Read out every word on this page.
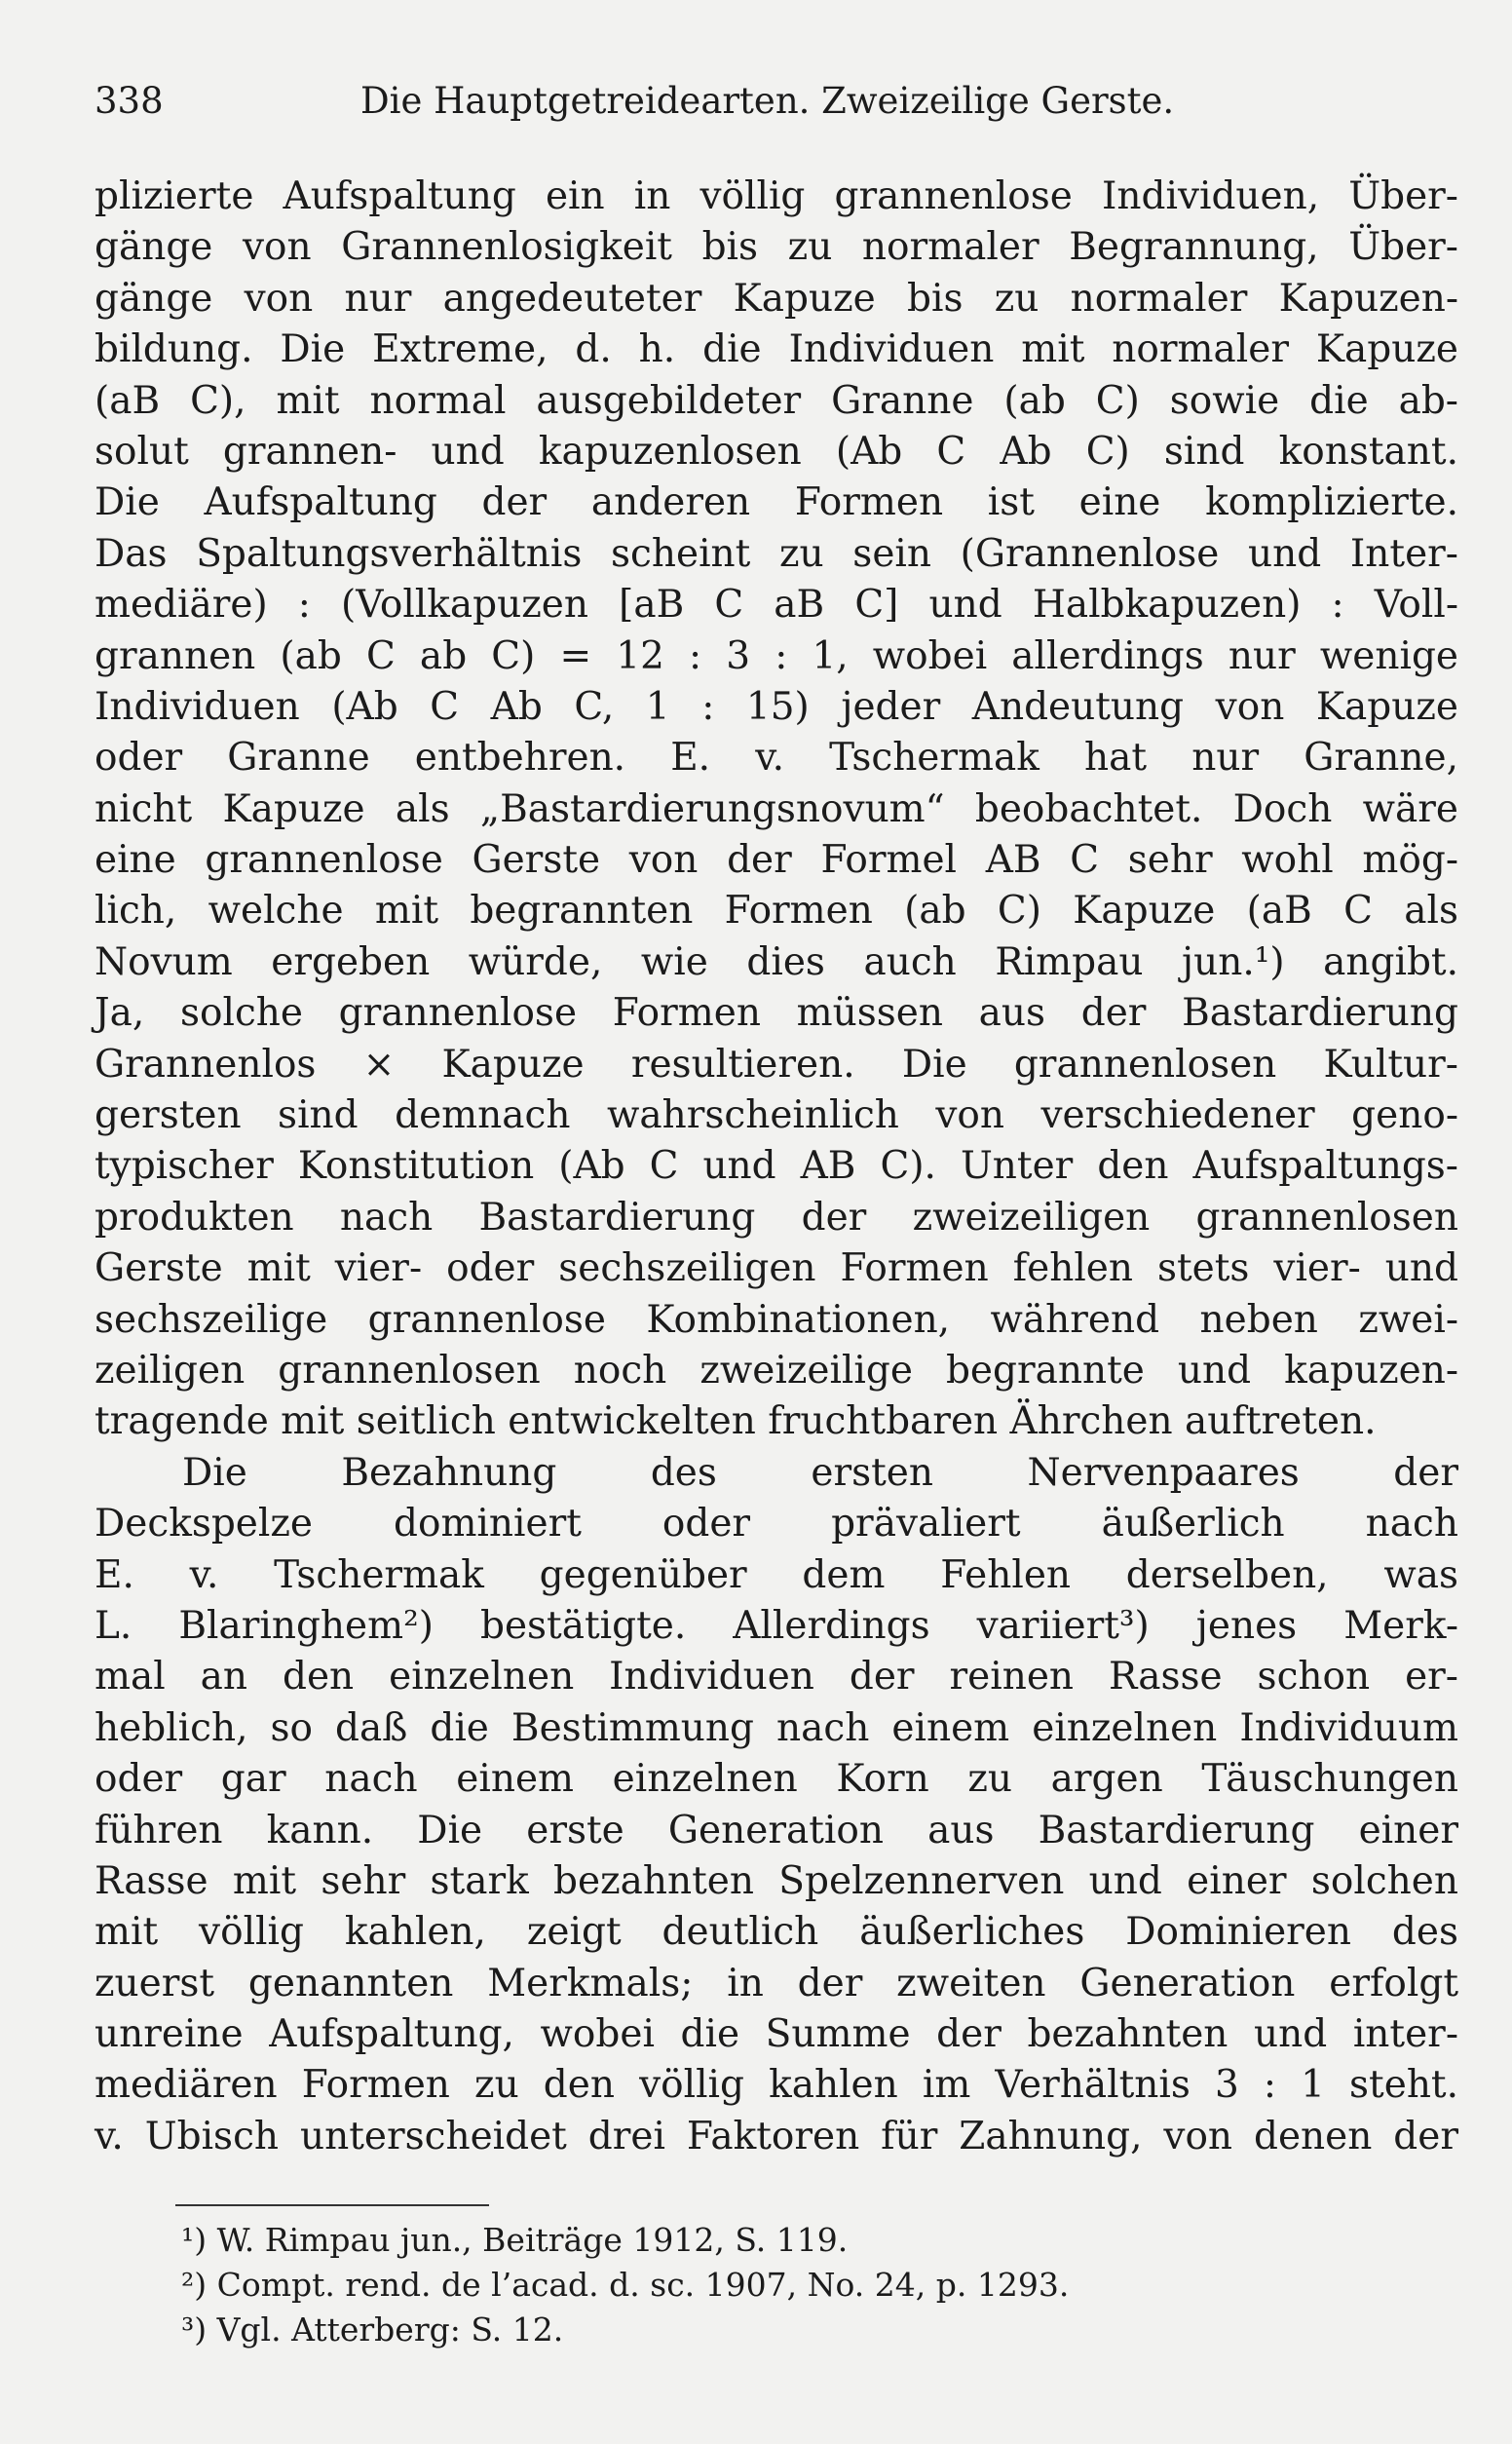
338	Die Hauptgetreidearten. Zweizeilige Gerste.
plizierte Aufspaltung ein in völlig grannenlose Individuen, Über-
gänge von Grannenlosigkeit bis zu normaler Begrannung, Über-
gänge von nur angedeuteter Kapuze bis zu normaler Kapuzen-
bildung. Die Extreme, d. h. die Individuen mit normaler Kapuze
(aB C), mit normal ausgebildeter Granne (ab C) sowie die ab-
solut grannen- und kapuzenlosen (Ab C Ab C) sind konstant.
Die Aufspaltung der anderen Formen ist eine komplizierte.
Das Spaltungsverhältnis scheint zu sein (Grannenlose und Inter-
mediäre) : (Vollkapuzen [aB C aB C] und Halbkapuzen) : Voll-
grannen (ab C ab C) = 12 : 3 : 1, wobei allerdings nur wenige
Individuen (Ab C Ab C, 1 : 15) jeder Andeutung von Kapuze
oder Granne entbehren. E. v. Tschermak hat nur Granne,
nicht Kapuze als „Bastardierungsnovum“ beobachtet. Doch wäre
eine grannenlose Gerste von der Formel AB C sehr wohl mög-
lich, welche mit begrannten Formen (ab C) Kapuze (aB C als
Novum ergeben würde, wie dies auch Rimpau jun.¹) angibt.
Ja, solche grannenlose Formen müssen aus der Bastardierung
Grannenlos × Kapuze resultieren. Die grannenlosen Kultur-
gersten sind demnach wahrscheinlich von verschiedener geno-
typischer Konstitution (Ab C und AB C). Unter den Aufspaltungs-
produkten nach Bastardierung der zweizeiligen grannenlosen
Gerste mit vier- oder sechszeiligen Formen fehlen stets vier- und
sechszeilige grannenlose Kombinationen, während neben zwei-
zeiligen grannenlosen noch zweizeilige begrannte und kapuzen-
tragende mit seitlich entwickelten fruchtbaren Ährchen auftreten.
Die Bezahnung des ersten Nervenpaares der
Deckspelze dominiert oder prävaliert äußerlich nach
E. v. Tschermak gegenüber dem Fehlen derselben, was
L. Blaringhem²) bestätigte. Allerdings variiert³) jenes Merk-
mal an den einzelnen Individuen der reinen Rasse schon er-
heblich, so daß die Bestimmung nach einem einzelnen Individuum
oder gar nach einem einzelnen Korn zu argen Täuschungen
führen kann. Die erste Generation aus Bastardierung einer
Rasse mit sehr stark bezahnten Spelzennerven und einer solchen
mit völlig kahlen, zeigt deutlich äußerliches Dominieren des
zuerst genannten Merkmals; in der zweiten Generation erfolgt
unreine Aufspaltung, wobei die Summe der bezahnten und inter-
mediären Formen zu den völlig kahlen im Verhältnis 3 : 1 steht.
v. Ubisch unterscheidet drei Faktoren für Zahnung, von denen der
¹) W. Rimpau jun., Beiträge 1912, S. 119.
²) Compt. rend. de l’acad. d. sc. 1907, No. 24, p. 1293.
³) Vgl. Atterberg: S. 12.
